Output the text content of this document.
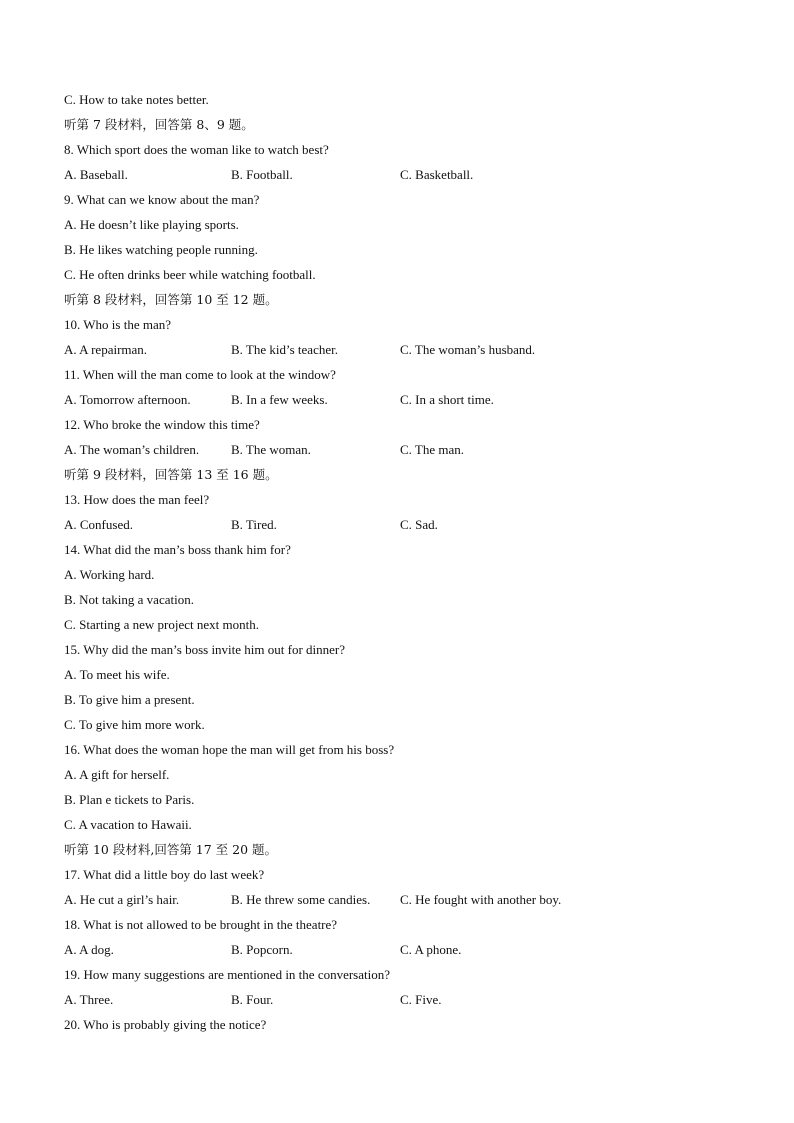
C. How to take notes better.
听第 7 段材料，回答第 8、9 题。
8. Which sport does the woman like to watch best?
A. Baseball.	B. Football.	C. Basketball.
9. What can we know about the man?
A. He doesn’t like playing sports.
B. He likes watching people running.
C. He often drinks beer while watching football.
听第 8 段材料，回答第 10 至 12 题。
10. Who is the man?
A. A repairman.	B. The kid’s teacher.	C. The woman’s husband.
11. When will the man come to look at the window?
A. Tomorrow afternoon.	B. In a few weeks.	C. In a short time.
12. Who broke the window this time?
A. The woman’s children. B. The woman.	C. The man.
听第 9 段材料，回答第 13 至 16 题。
13. How does the man feel?
A. Confused.	B. Tired.	C. Sad.
14. What did the man’s boss thank him for?
A. Working hard.
B. Not taking a vacation.
C. Starting a new project next month.
15. Why did the man’s boss invite him out for dinner?
A. To meet his wife.
B. To give him a present.
C. To give him more work.
16. What does the woman hope the man will get from his boss?
A. A gift for herself.
B. Plan e tickets to Paris.
C. A vacation to Hawaii.
听第 10 段材料,回答第 17 至 20 题。
17. What did a little boy do last week?
A. He cut a girl’s hair.	B. He threw some candies. C. He fought with another boy.
18. What is not allowed to be brought in the theatre?
A. A dog.	B. Popcorn.	C. A phone.
19. How many suggestions are mentioned in the conversation?
A. Three.	B. Four.	C. Five.
20. Who is probably giving the notice?
